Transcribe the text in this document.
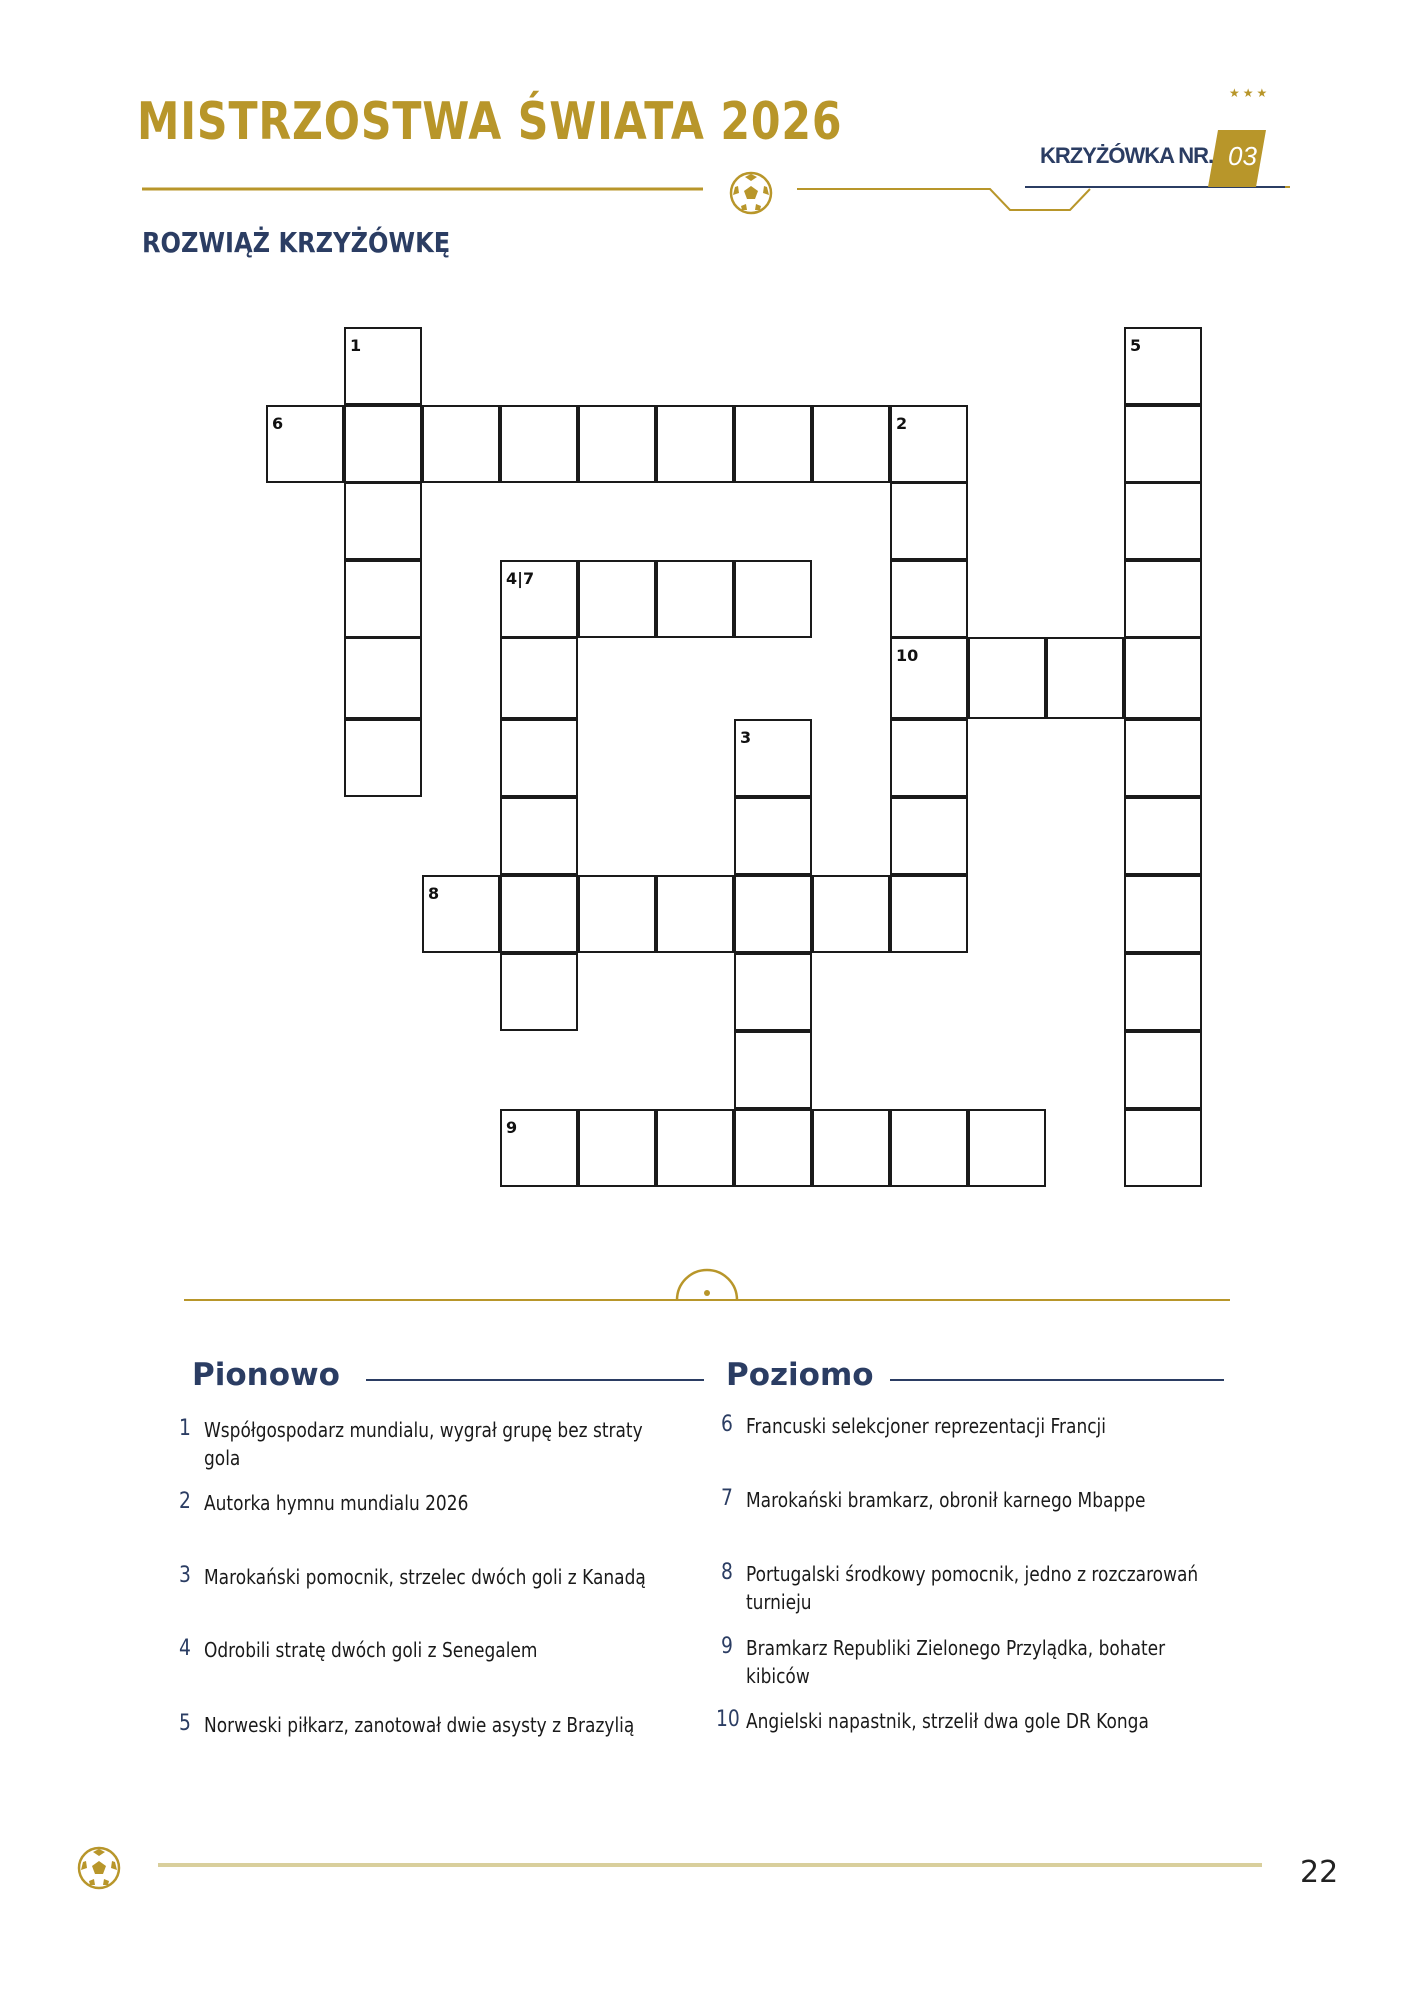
MISTRZOSTWA ŚWIATA 2026	★★★
KRZYŻÓWKA NR. 03
ROZWIĄŻ KRZYŻÓWKĘ
1
6	2
10
5
4|7
3
8
9
Pionowo	Poziomo
1 Współgospodarz mundialu, wygrał grupę bez straty gola
2 Autorka hymnu mundialu 2026
3 Marokański pomocnik, strzelec dwóch goli z Kanadą
4 Odrobili stratę dwóch goli z Senegalem
5 Norweski piłkarz, zanotował dwie asysty z Brazylią
6 Francuski selekcjoner reprezentacji Francji
7 Marokański bramkarz, obronił karnego Mbappe
8 Portugalski środkowy pomocnik, jedno z rozczarowań turnieju
9 Bramkarz Republiki Zielonego Przylądka, bohater kibiców
10 Angielski napastnik, strzelił dwa gole DR Konga
22
